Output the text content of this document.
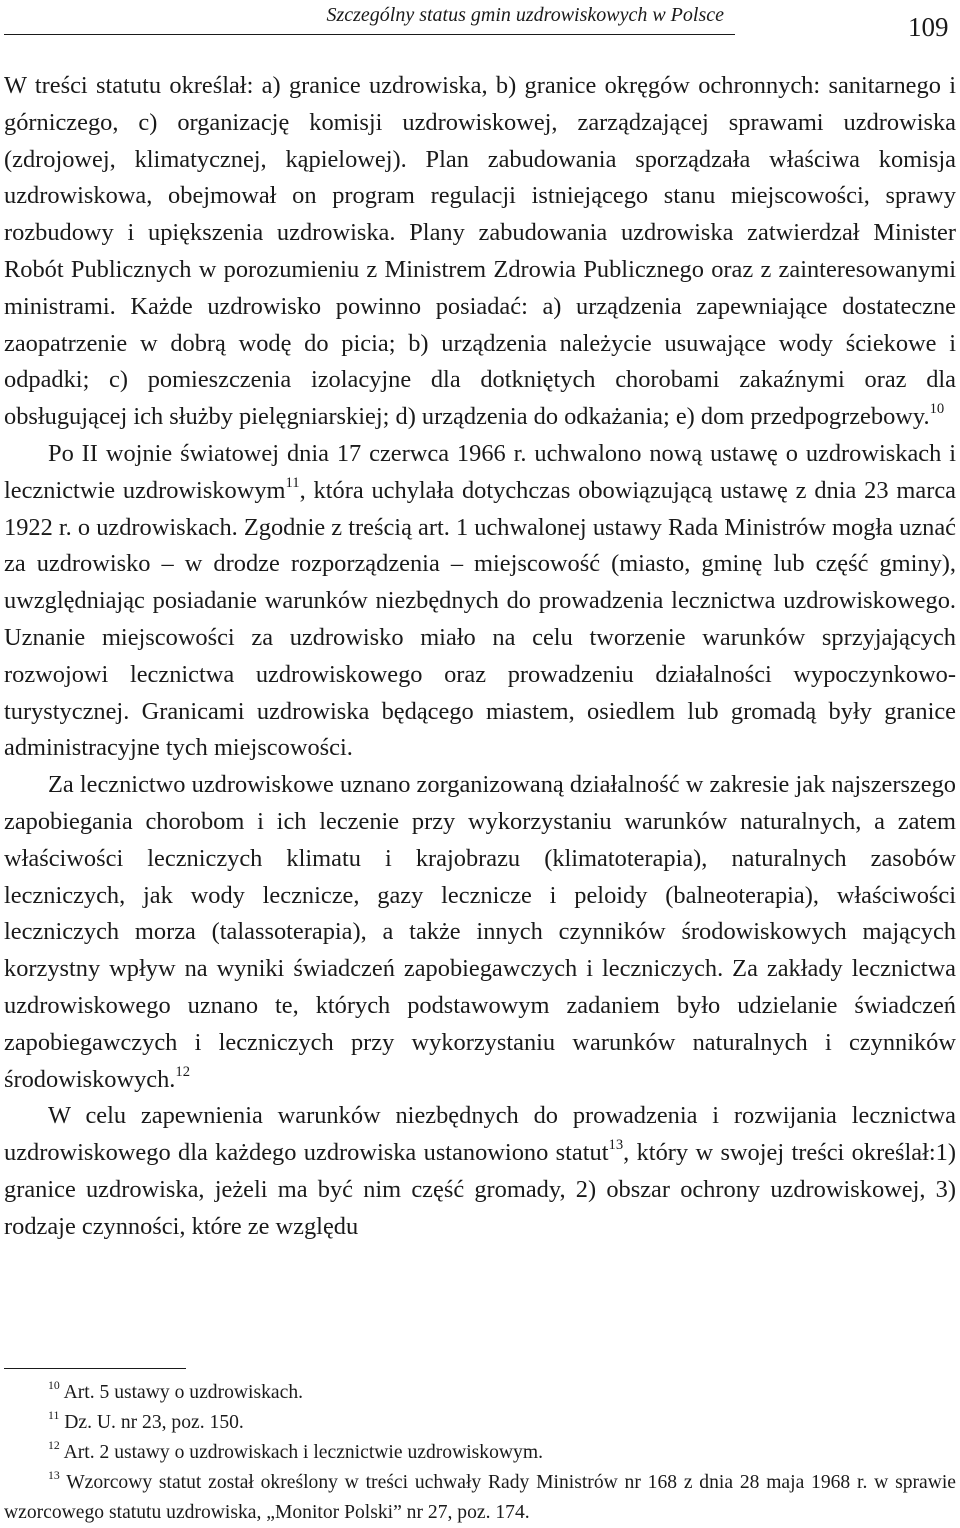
Szczególny status gmin uzdrowiskowych w Polsce	109

W treści statutu określał: a) granice uzdrowiska, b) granice okręgów ochronnych: sanitarnego i górniczego, c) organizację komisji uzdrowiskowej, zarządzającej sprawami uzdrowiska (zdrojowej, klimatycznej, kąpielowej). Plan zabudowania sporządzała właściwa komisja uzdrowiskowa, obejmował on program regulacji istniejącego stanu miejscowości, sprawy rozbudowy i upiększenia uzdrowiska. Plany zabudowania uzdrowiska zatwierdzał Minister Robót Publicznych w porozumieniu z Ministrem Zdrowia Publicznego oraz z zainteresowanymi ministrami. Każde uzdrowisko powinno posiadać: a) urządzenia zapewniające dostateczne zaopatrzenie w dobrą wodę do picia; b) urządzenia należycie usuwające wody ściekowe i odpadki; c) pomieszczenia izolacyjne dla dotkniętych chorobami zakaźnymi oraz dla obsługującej ich służby pielęgniarskiej; d) urządzenia do odkażania; e) dom przedpogrzebowy.$^{10}$

Po II wojnie światowej dnia 17 czerwca 1966 r. uchwalono nową ustawę o uzdrowiskach i lecznictwie uzdrowiskowym$^{11}$, która uchylała dotychczas obowiązującą ustawę z dnia 23 marca 1922 r. o uzdrowiskach. Zgodnie z treścią art. 1 uchwalonej ustawy Rada Ministrów mogła uznać za uzdrowisko – w drodze rozporządzenia – miejscowość (miasto, gminę lub część gminy), uwzględniając posiadanie warunków niezbędnych do prowadzenia lecznictwa uzdrowiskowego. Uznanie miejscowości za uzdrowisko miało na celu tworzenie warunków sprzyjających rozwojowi lecznictwa uzdrowiskowego oraz prowadzeniu działalności wypoczynkowo-turystycznej. Granicami uzdrowiska będącego miastem, osiedlem lub gromadą były granice administracyjne tych miejscowości.

Za lecznictwo uzdrowiskowe uznano zorganizowaną działalność w zakresie jak najszerszego zapobiegania chorobom i ich leczenie przy wykorzystaniu warunków naturalnych, a zatem właściwości leczniczych klimatu i krajobrazu (klimatoterapia), naturalnych zasobów leczniczych, jak wody lecznicze, gazy lecznicze i peloidy (balneoterapia), właściwości leczniczych morza (talassoterapia), a także innych czynników środowiskowych mających korzystny wpływ na wyniki świadczeń zapobiegawczych i leczniczych. Za zakłady lecznictwa uzdrowiskowego uznano te, których podstawowym zadaniem było udzielanie świadczeń zapobiegawczych i leczniczych przy wykorzystaniu warunków naturalnych i czynników środowiskowych.$^{12}$

W celu zapewnienia warunków niezbędnych do prowadzenia i rozwijania lecznictwa uzdrowiskowego dla każdego uzdrowiska ustanowiono statut$^{13}$, który w swojej treści określał:1) granice uzdrowiska, jeżeli ma być nim część gromady, 2) obszar ochrony uzdrowiskowej, 3) rodzaje czynności, które ze względu

$^{10}$ Art. 5 ustawy o uzdrowiskach.

$^{11}$ Dz. U. nr 23, poz. 150.

$^{12}$ Art. 2 ustawy o uzdrowiskach i lecznictwie uzdrowiskowym.

$^{13}$ Wzorcowy statut został określony w treści uchwały Rady Ministrów nr 168 z dnia 28 maja 1968 r. w sprawie wzorcowego statutu uzdrowiska, „Monitor Polski” nr 27, poz. 174.
